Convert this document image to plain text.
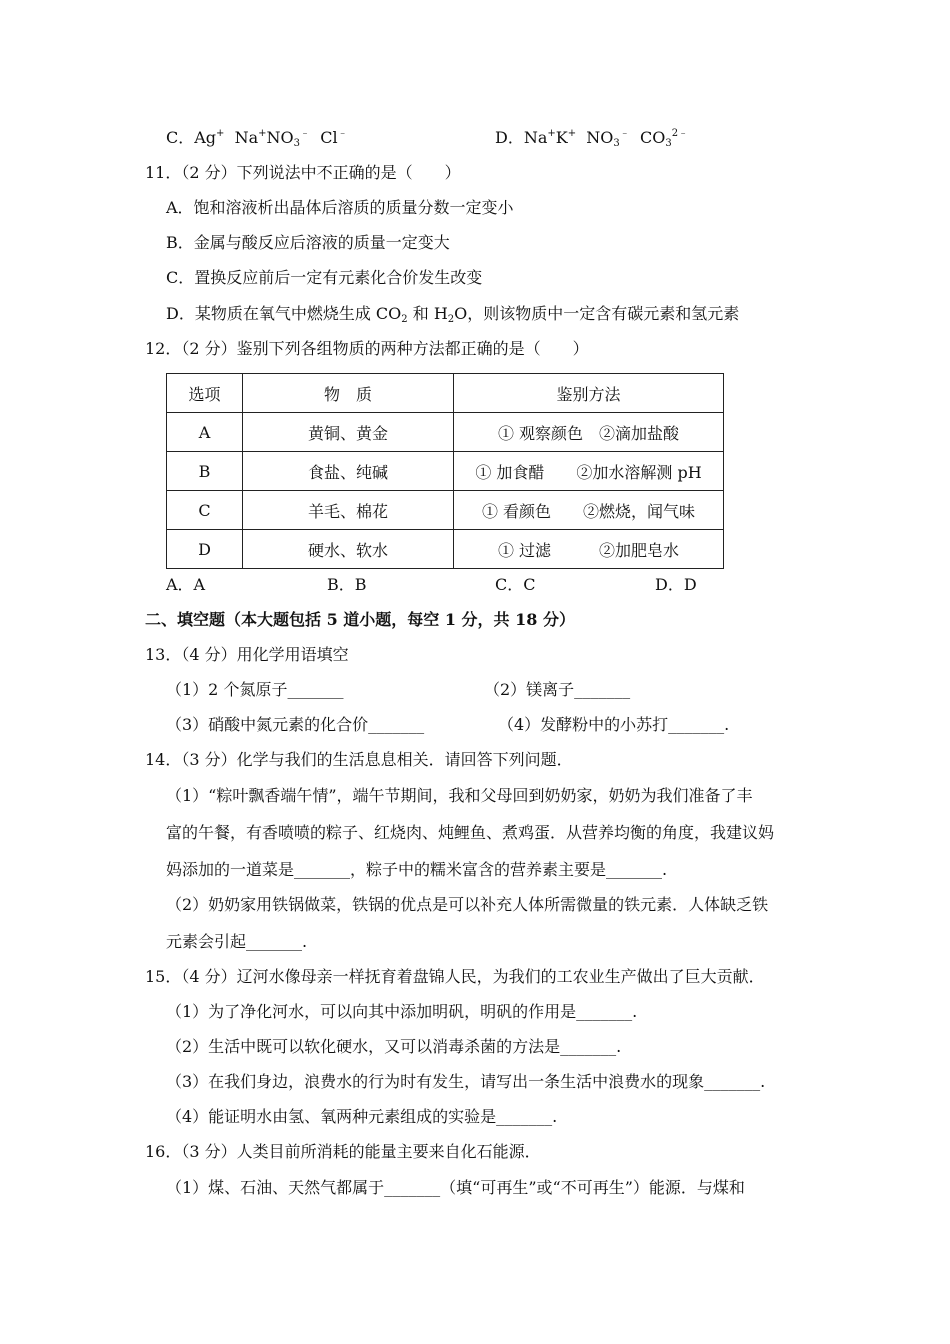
C．Ag+ $Na^+NO_3^﹣$ Cl﹣	D．Na+K+ $NO_3^﹣$ $CO_3^{2﹣}$
11．（2 分）下列说法中不正确的是（　　）
A．饱和溶液析出晶体后溶质的质量分数一定变小
B．金属与酸反应后溶液的质量一定变大
C．置换反应前后一定有元素化合价发生改变
D．某物质在氧气中燃烧生成 $CO_2$ 和 $H_2O$，则该物质中一定含有碳元素和氢元素
12．（2 分）鉴别下列各组物质的两种方法都正确的是（　　）
选项	物　质	鉴别方法
A	黄铜、黄金	① 观察颜色　②滴加盐酸
B	食盐、纯碱	① 加食醋　　②加水溶解测 pH
C	羊毛、棉花	① 看颜色　　②燃烧，闻气味
D	硬水、软水	① 过滤　　　②加肥皂水
A．A	B．B	C．C	D．D
二、填空题（本大题包括 5 道小题，每空 1 分，共 18 分）
13．（4 分）用化学用语填空
（1）2 个氮原子_______	（2）镁离子_______
（3）硝酸中氮元素的化合价_______	（4）发酵粉中的小苏打_______.
14．（3 分）化学与我们的生活息息相关．请回答下列问题．
（1）“粽叶飘香端午情”，端午节期间，我和父母回到奶奶家，奶奶为我们准备了丰
富的午餐，有香喷喷的粽子、红烧肉、炖鲤鱼、煮鸡蛋．从营养均衡的角度，我建议妈
妈添加的一道菜是_______，粽子中的糯米富含的营养素主要是_______.
（2）奶奶家用铁锅做菜，铁锅的优点是可以补充人体所需微量的铁元素．人体缺乏铁
元素会引起_______.
15．（4 分）辽河水像母亲一样抚育着盘锦人民，为我们的工农业生产做出了巨大贡献．
（1）为了净化河水，可以向其中添加明矾，明矾的作用是_______.
（2）生活中既可以软化硬水，又可以消毒杀菌的方法是_______.
（3）在我们身边，浪费水的行为时有发生，请写出一条生活中浪费水的现象_______.
（4）能证明水由氢、氧两种元素组成的实验是_______.
16．（3 分）人类目前所消耗的能量主要来自化石能源．
（1）煤、石油、天然气都属于_______（填“可再生”或“不可再生”）能源．与煤和
